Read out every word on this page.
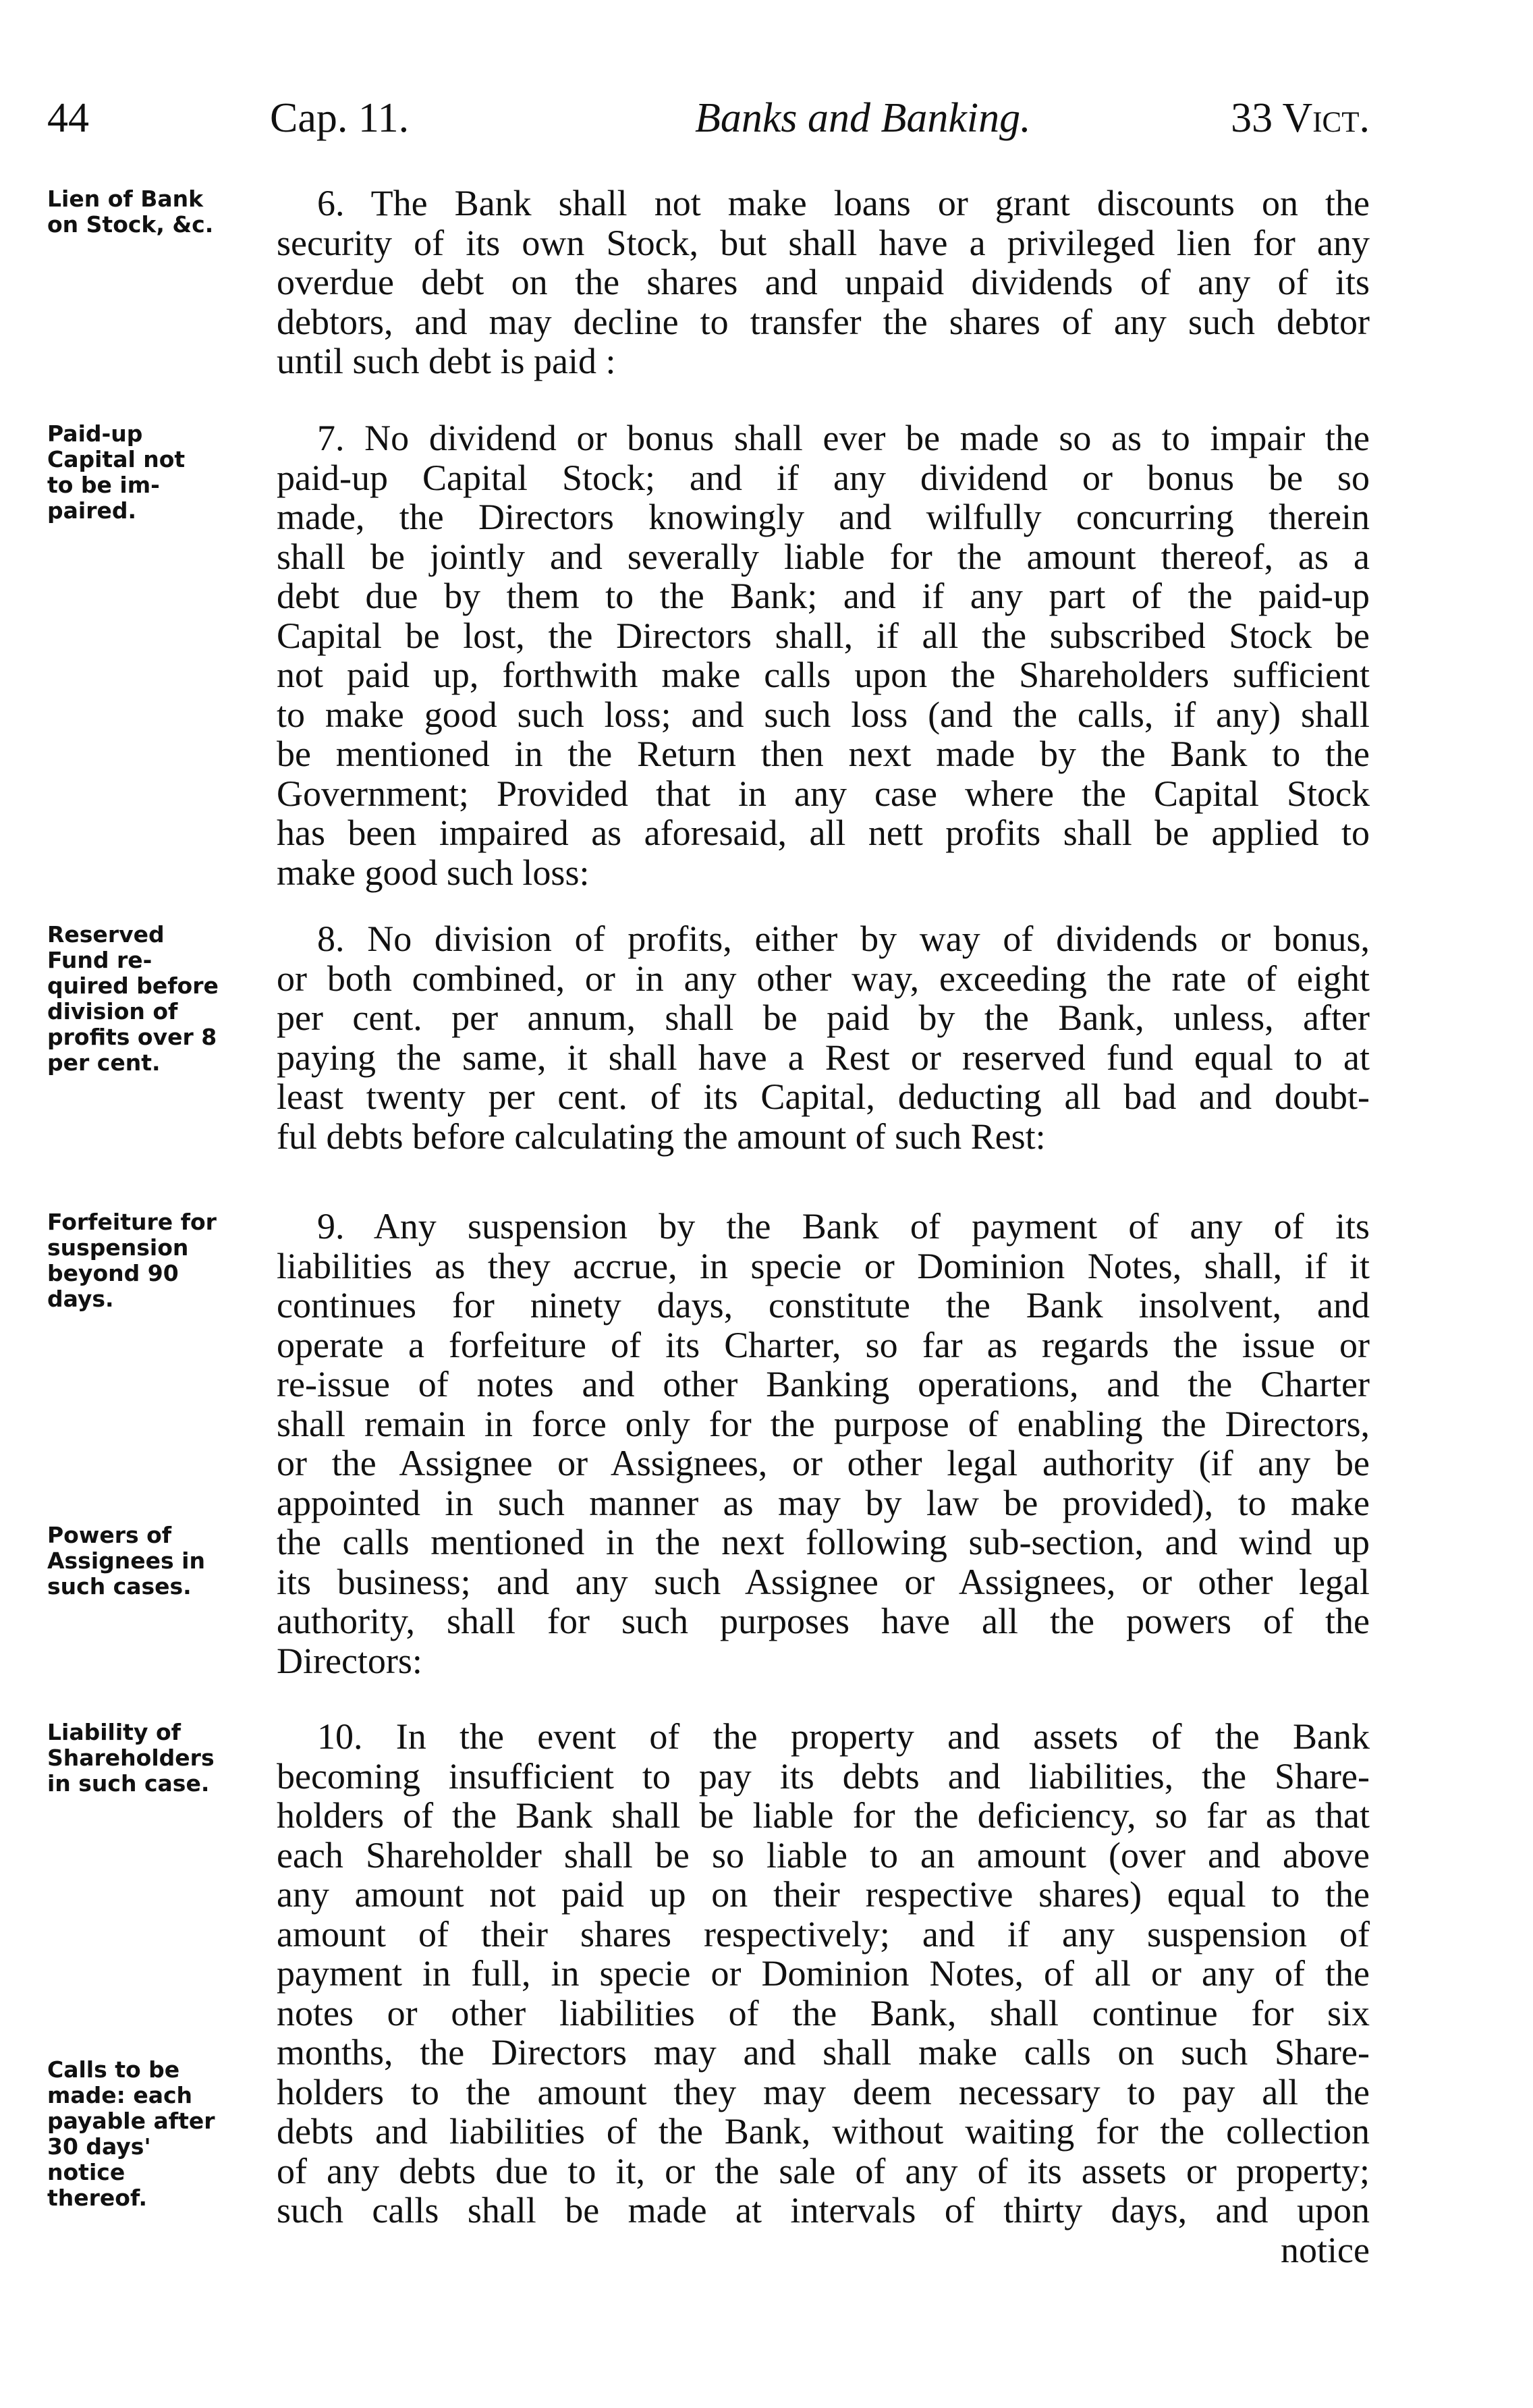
44	Cap. 11.	Banks and Banking.	33 Vict.
Lien of Bank
on Stock, &c.
6. The Bank shall not make loans or grant discounts on the
security of its own Stock, but shall have a privileged lien for any
overdue debt on the shares and unpaid dividends of any of its
debtors, and may decline to transfer the shares of any such debtor
until such debt is paid :
Paid-up
Capital not
to be im-
paired.
7. No dividend or bonus shall ever be made so as to impair the
paid-up Capital Stock; and if any dividend or bonus be so
made, the Directors knowingly and wilfully concurring therein
shall be jointly and severally liable for the amount thereof, as a
debt due by them to the Bank; and if any part of the paid-up
Capital be lost, the Directors shall, if all the subscribed Stock be
not paid up, forthwith make calls upon the Shareholders sufficient
to make good such loss; and such loss (and the calls, if any) shall
be mentioned in the Return then next made by the Bank to the
Government; Provided that in any case where the Capital Stock
has been impaired as aforesaid, all nett profits shall be applied to
make good such loss:
Reserved
Fund re-
quired before
division of
profits over 8
per cent.
8. No division of profits, either by way of dividends or bonus,
or both combined, or in any other way, exceeding the rate of eight
per cent. per annum, shall be paid by the Bank, unless, after
paying the same, it shall have a Rest or reserved fund equal to at
least twenty per cent. of its Capital, deducting all bad and doubt-
ful debts before calculating the amount of such Rest:
Forfeiture for
suspension
beyond 90
days.
9. Any suspension by the Bank of payment of any of its
liabilities as they accrue, in specie or Dominion Notes, shall, if it
continues for ninety days, constitute the Bank insolvent, and
operate a forfeiture of its Charter, so far as regards the issue or
re-issue of notes and other Banking operations, and the Charter
shall remain in force only for the purpose of enabling the Directors,
or the Assignee or Assignees, or other legal authority (if any be
appointed in such manner as may by law be provided), to make
the calls mentioned in the next following sub-section, and wind up
its business; and any such Assignee or Assignees, or other legal
authority, shall for such purposes have all the powers of the
Directors:
Powers of
Assignees in
such cases.
Liability of
Shareholders
in such case.
10. In the event of the property and assets of the Bank
becoming insufficient to pay its debts and liabilities, the Share-
holders of the Bank shall be liable for the deficiency, so far as that
each Shareholder shall be so liable to an amount (over and above
any amount not paid up on their respective shares) equal to the
amount of their shares respectively; and if any suspension of
payment in full, in specie or Dominion Notes, of all or any of the
notes or other liabilities of the Bank, shall continue for six
months, the Directors may and shall make calls on such Share-
holders to the amount they may deem necessary to pay all the
debts and liabilities of the Bank, without waiting for the collection
of any debts due to it, or the sale of any of its assets or property;
such calls shall be made at intervals of thirty days, and upon
notice
Calls to be
made: each
payable after
30 days'
notice
thereof.
